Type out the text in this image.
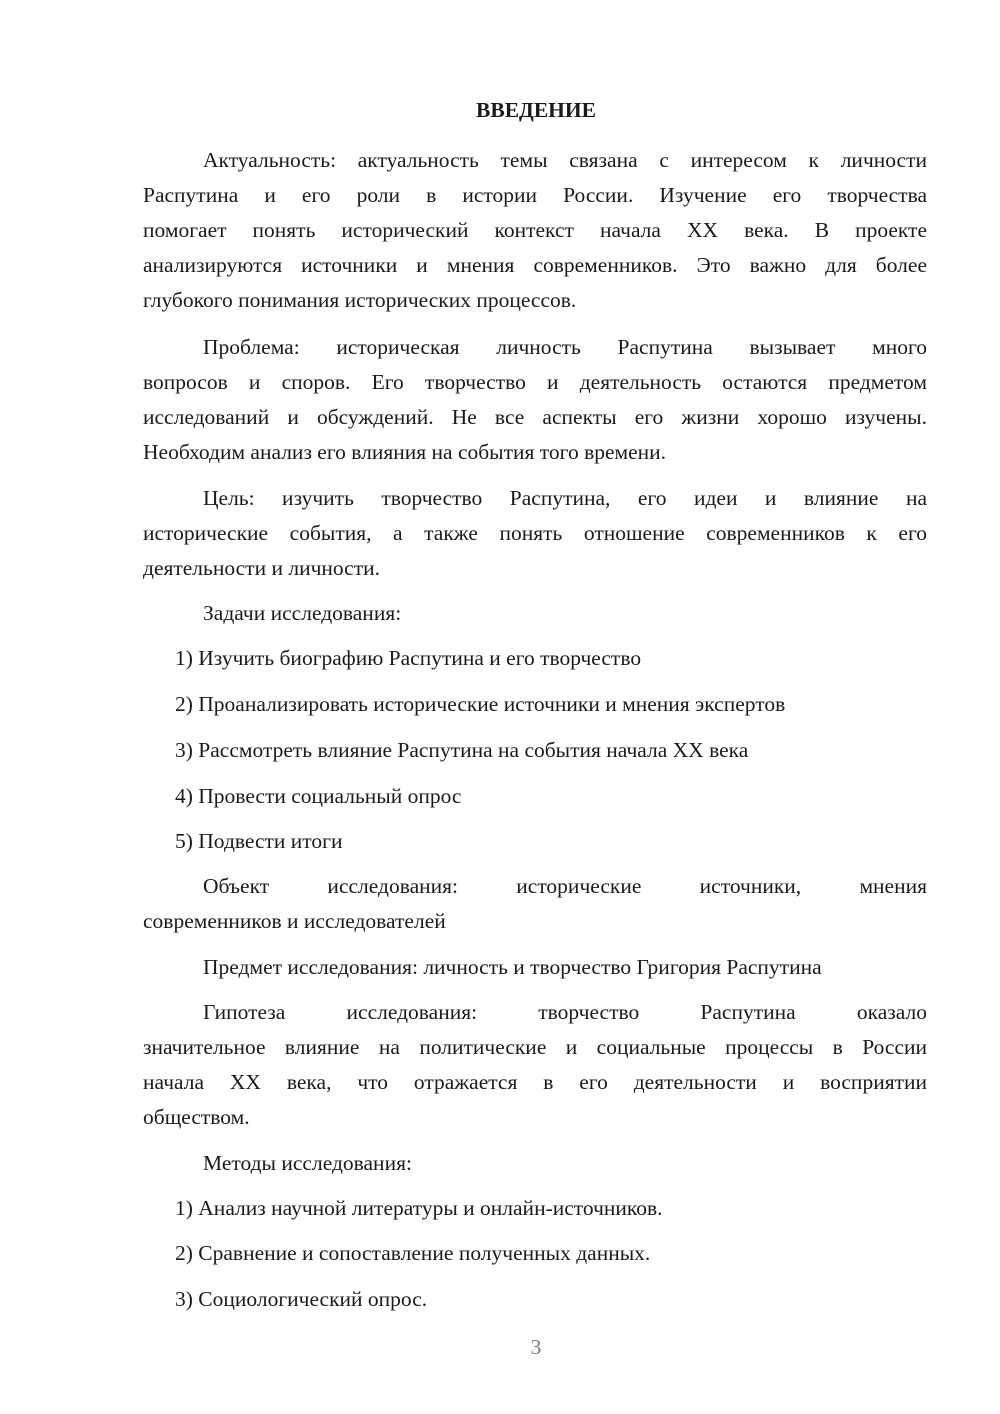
ВВЕДЕНИЕ
Актуальность: актуальность темы связана с интересом к личности
Распутина и его роли в истории России. Изучение его творчества
помогает понять исторический контекст начала XX века. В проекте
анализируются источники и мнения современников. Это важно для более
глубокого понимания исторических процессов.
Проблема: историческая личность Распутина вызывает много
вопросов и споров. Его творчество и деятельность остаются предметом
исследований и обсуждений. Не все аспекты его жизни хорошо изучены.
Необходим анализ его влияния на события того времени.
Цель: изучить творчество Распутина, его идеи и влияние на
исторические события, а также понять отношение современников к его
деятельности и личности.
Задачи исследования:
1) Изучить биографию Распутина и его творчество
2) Проанализировать исторические источники и мнения экспертов
3) Рассмотреть влияние Распутина на события начала XX века
4) Провести социальный опрос
5) Подвести итоги
Объект исследования: исторические источники, мнения
современников и исследователей
Предмет исследования: личность и творчество Григория Распутина
Гипотеза исследования: творчество Распутина оказало
значительное влияние на политические и социальные процессы в России
начала XX века, что отражается в его деятельности и восприятии
обществом.
Методы исследования:
1) Анализ научной литературы и онлайн-источников.
2) Сравнение и сопоставление полученных данных.
3) Социологический опрос.
3
